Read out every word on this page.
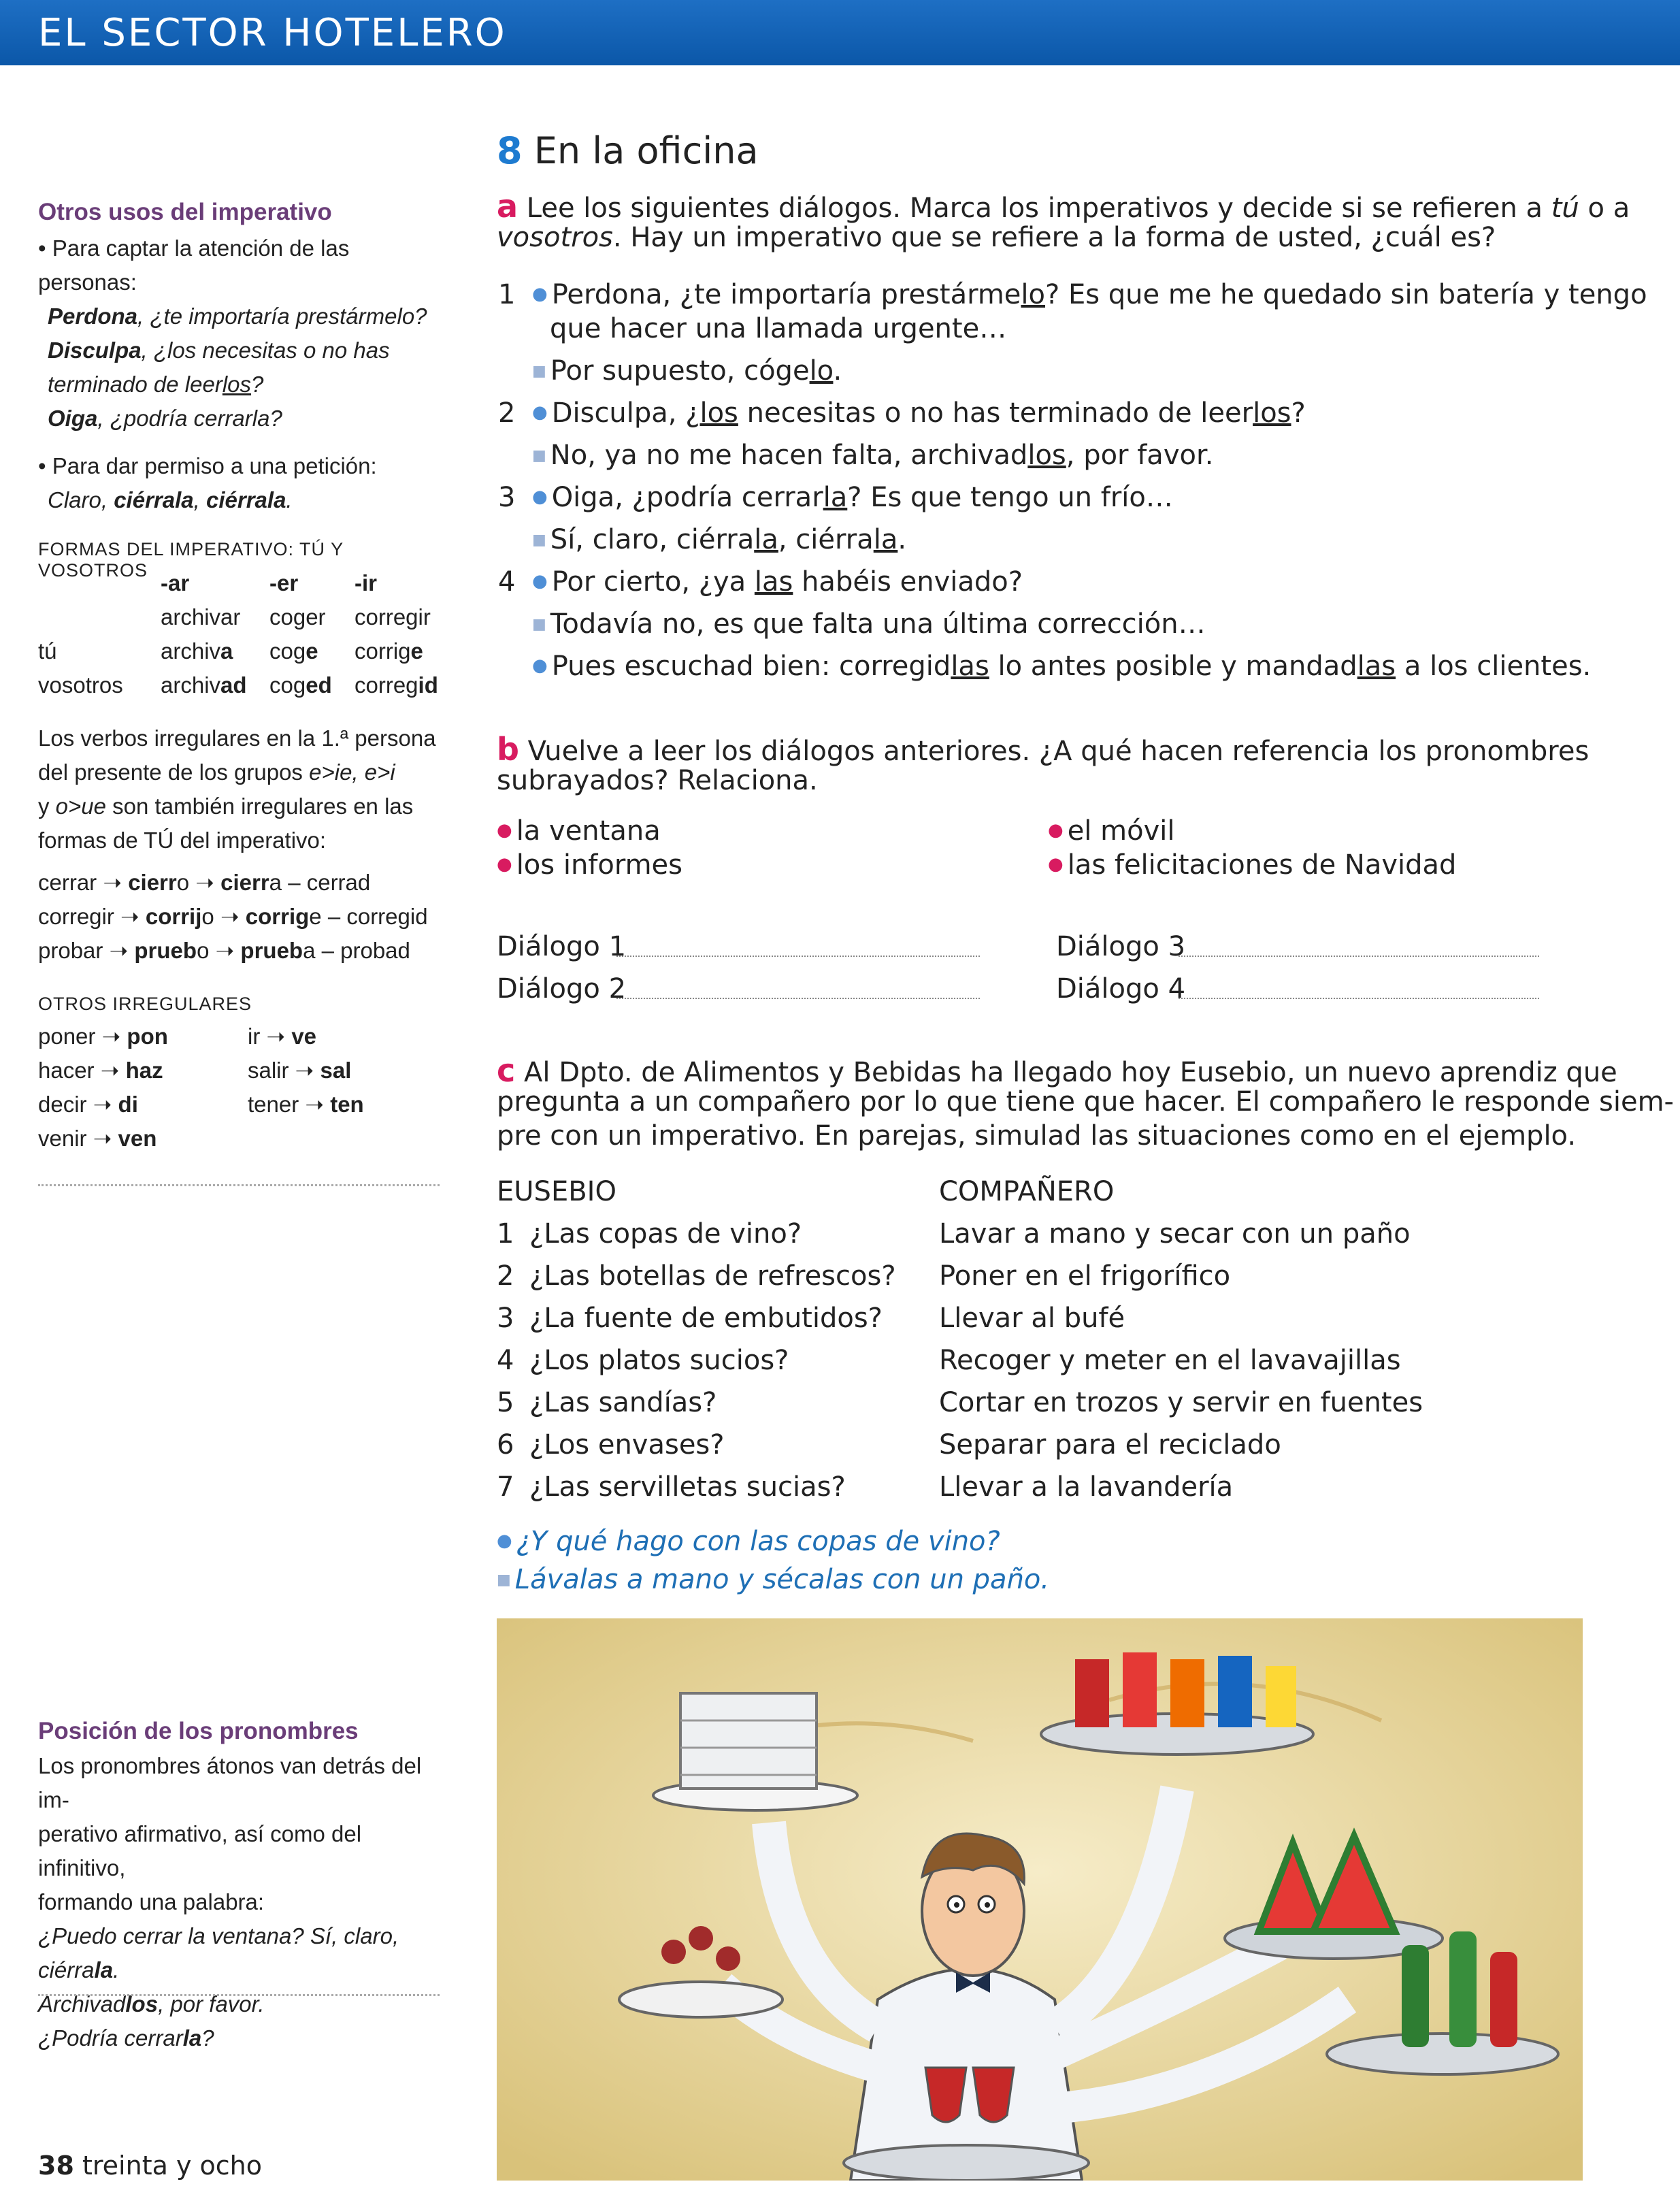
EL SECTOR HOTELERO
Otros usos del imperativo
• Para captar la atención de las personas:
Perdona, ¿te importaría prestármelo?
Disculpa, ¿los necesitas o no has
terminado de leerlos?
Oiga, ¿podría cerrarla?
• Para dar permiso a una petición:
Claro, ciérrala, ciérrala.
FORMAS DEL IMPERATIVO: TÚ Y VOSOTROS -ar	-er	-ir
archivar coger corregir
tú	archiva coge corrige
vosotros archivad coged corregid
Los verbos irregulares en la 1.ª persona
del presente de los grupos e>ie, e>i
y o>ue son también irregulares en las
formas de TÚ del imperativo:
cerrar ➝ cierro ➝ cierra – cerrad
corregir ➝ corrijo ➝ corrige – corregid
probar ➝ pruebo ➝ prueba – probad
OTROS IRREGULARES
poner ➝ pon	ir ➝ ve
hacer ➝ haz	salir ➝ sal
decir ➝ di	tener ➝ ten
venir ➝ ven
Posición de los pronombres
Los pronombres átonos van detrás del im-
perativo afirmativo, así como del infinitivo,
formando una palabra:
¿Puedo cerrar la ventana? Sí, claro, ciérrala.
Archivadlos, por favor.
¿Podría cerrarla?
8 En la oficina
a Lee los siguientes diálogos. Marca los imperativos y decide si se refieren a tú o a
vosotros. Hay un imperativo que se refiere a la forma de usted, ¿cuál es?
1 ● Perdona, ¿te importaría prestármelo? Es que me he quedado sin batería y tengo
que hacer una llamada urgente…
■ Por supuesto, cógelo.
2 ● Disculpa, ¿los necesitas o no has terminado de leerlos?
■ No, ya no me hacen falta, archivadlos, por favor.
3 ● Oiga, ¿podría cerrarla? Es que tengo un frío…
■ Sí, claro, ciérrala, ciérrala.
4 ● Por cierto, ¿ya las habéis enviado?
■ Todavía no, es que falta una última corrección…
● Pues escuchad bien: corregidlas lo antes posible y mandadlas a los clientes.
b Vuelve a leer los diálogos anteriores. ¿A qué hacen referencia los pronombres
subrayados? Relaciona.
● la ventana
● los informes
● el móvil
● las felicitaciones de Navidad
Diálogo 1
Diálogo 2
Diálogo 3
Diálogo 4
c Al Dpto. de Alimentos y Bebidas ha llegado hoy Eusebio, un nuevo aprendiz que
pregunta a un compañero por lo que tiene que hacer. El compañero le responde siem-
pre con un imperativo. En parejas, simulad las situaciones como en el ejemplo.
EUSEBIO	COMPAÑERO
1 ¿Las copas de vino?	Lavar a mano y secar con un paño
2 ¿Las botellas de refrescos? Poner en el frigorífico
3 ¿La fuente de embutidos? Llevar al bufé
4 ¿Los platos sucios?	Recoger y meter en el lavavajillas
5 ¿Las sandías?	Cortar en trozos y servir en fuentes
6 ¿Los envases?	Separar para el reciclado
7 ¿Las servilletas sucias?	Llevar a la lavandería
● ¿Y qué hago con las copas de vino?
■ Lávalas a mano y sécalas con un paño.
38 treinta y ocho
